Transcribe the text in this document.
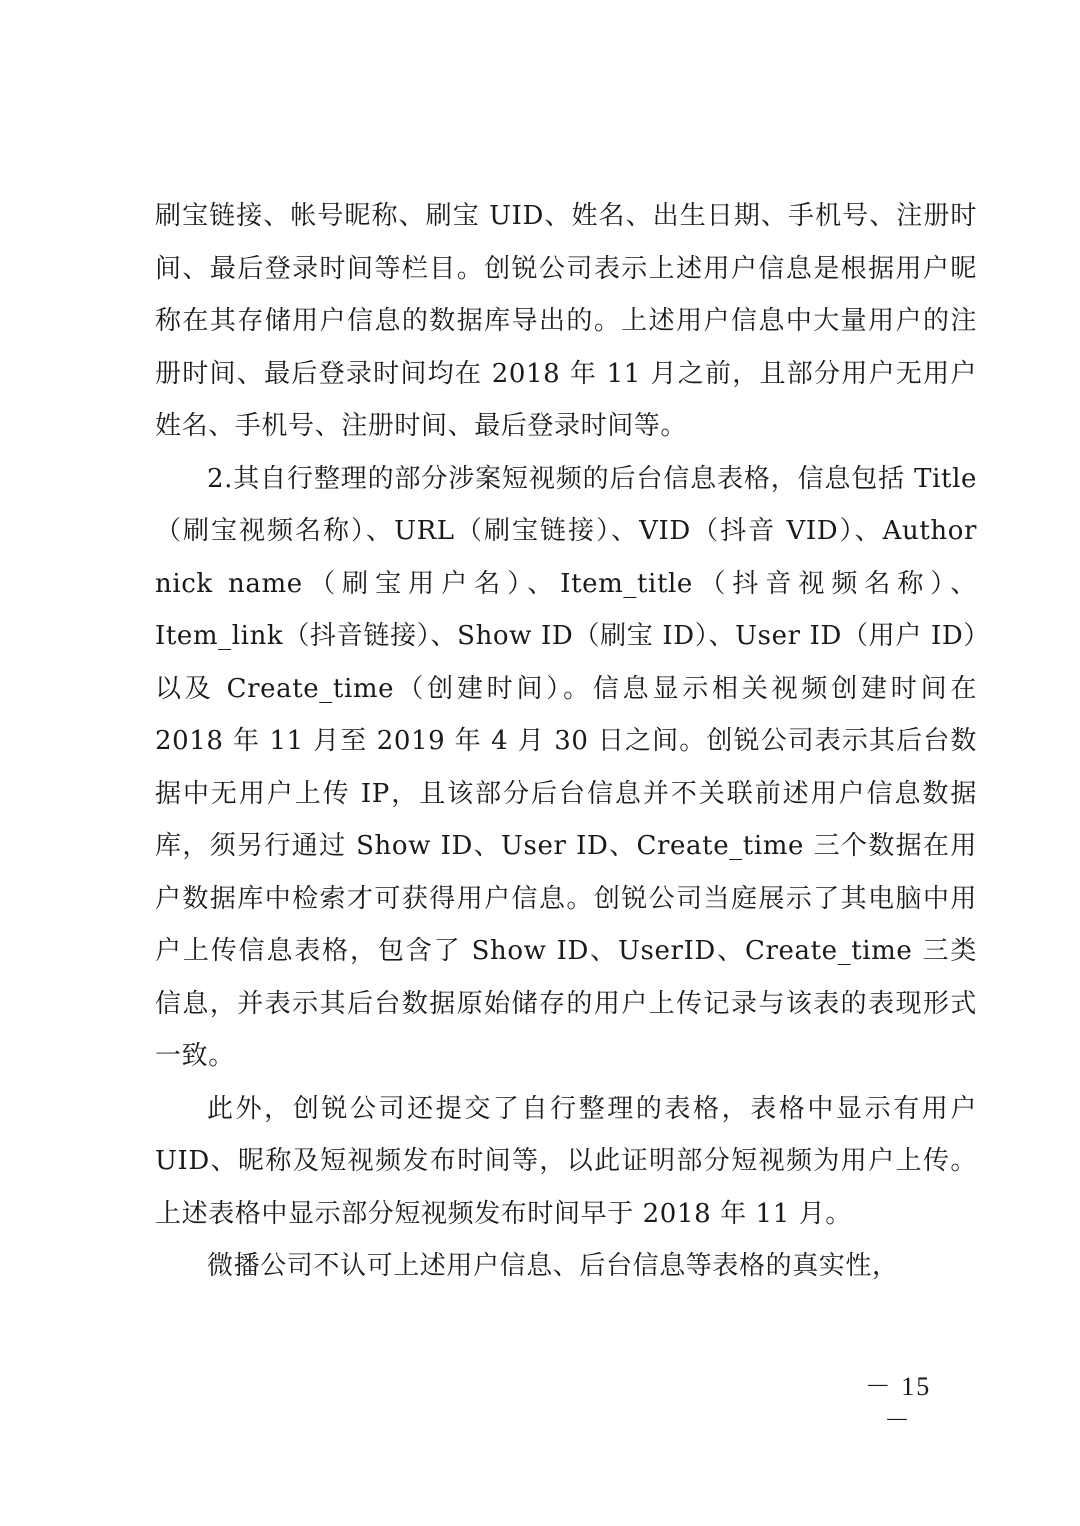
刷宝链接、帐号昵称、刷宝 UID、姓名、出生日期、手机号、注册时间、最后登录时间等栏目。创锐公司表示上述用户信息是根据用户昵称在其存储用户信息的数据库导出的。上述用户信息中大量用户的注册时间、最后登录时间均在 2018 年 11 月之前，且部分用户无用户姓名、手机号、注册时间、最后登录时间等。

2.其自行整理的部分涉案短视频的后台信息表格，信息包括 Title（刷宝视频名称）、URL（刷宝链接）、VID（抖音 VID）、Author nick name（刷宝用户名）、Item_title（抖音视频名称）、Item_link（抖音链接）、Show ID（刷宝 ID）、User ID（用户 ID）以及 Create_time（创建时间）。信息显示相关视频创建时间在 2018 年 11 月至 2019 年 4 月 30 日之间。创锐公司表示其后台数据中无用户上传 IP，且该部分后台信息并不关联前述用户信息数据库，须另行通过 Show ID、User ID、Create_time 三个数据在用户数据库中检索才可获得用户信息。创锐公司当庭展示了其电脑中用户上传信息表格，包含了 Show ID、UserID、Create_time 三类信息，并表示其后台数据原始储存的用户上传记录与该表的表现形式一致。

此外，创锐公司还提交了自行整理的表格，表格中显示有用户 UID、昵称及短视频发布时间等，以此证明部分短视频为用户上传。上述表格中显示部分短视频发布时间早于 2018 年 11 月。

微播公司不认可上述用户信息、后台信息等表格的真实性，

－ 15 －
